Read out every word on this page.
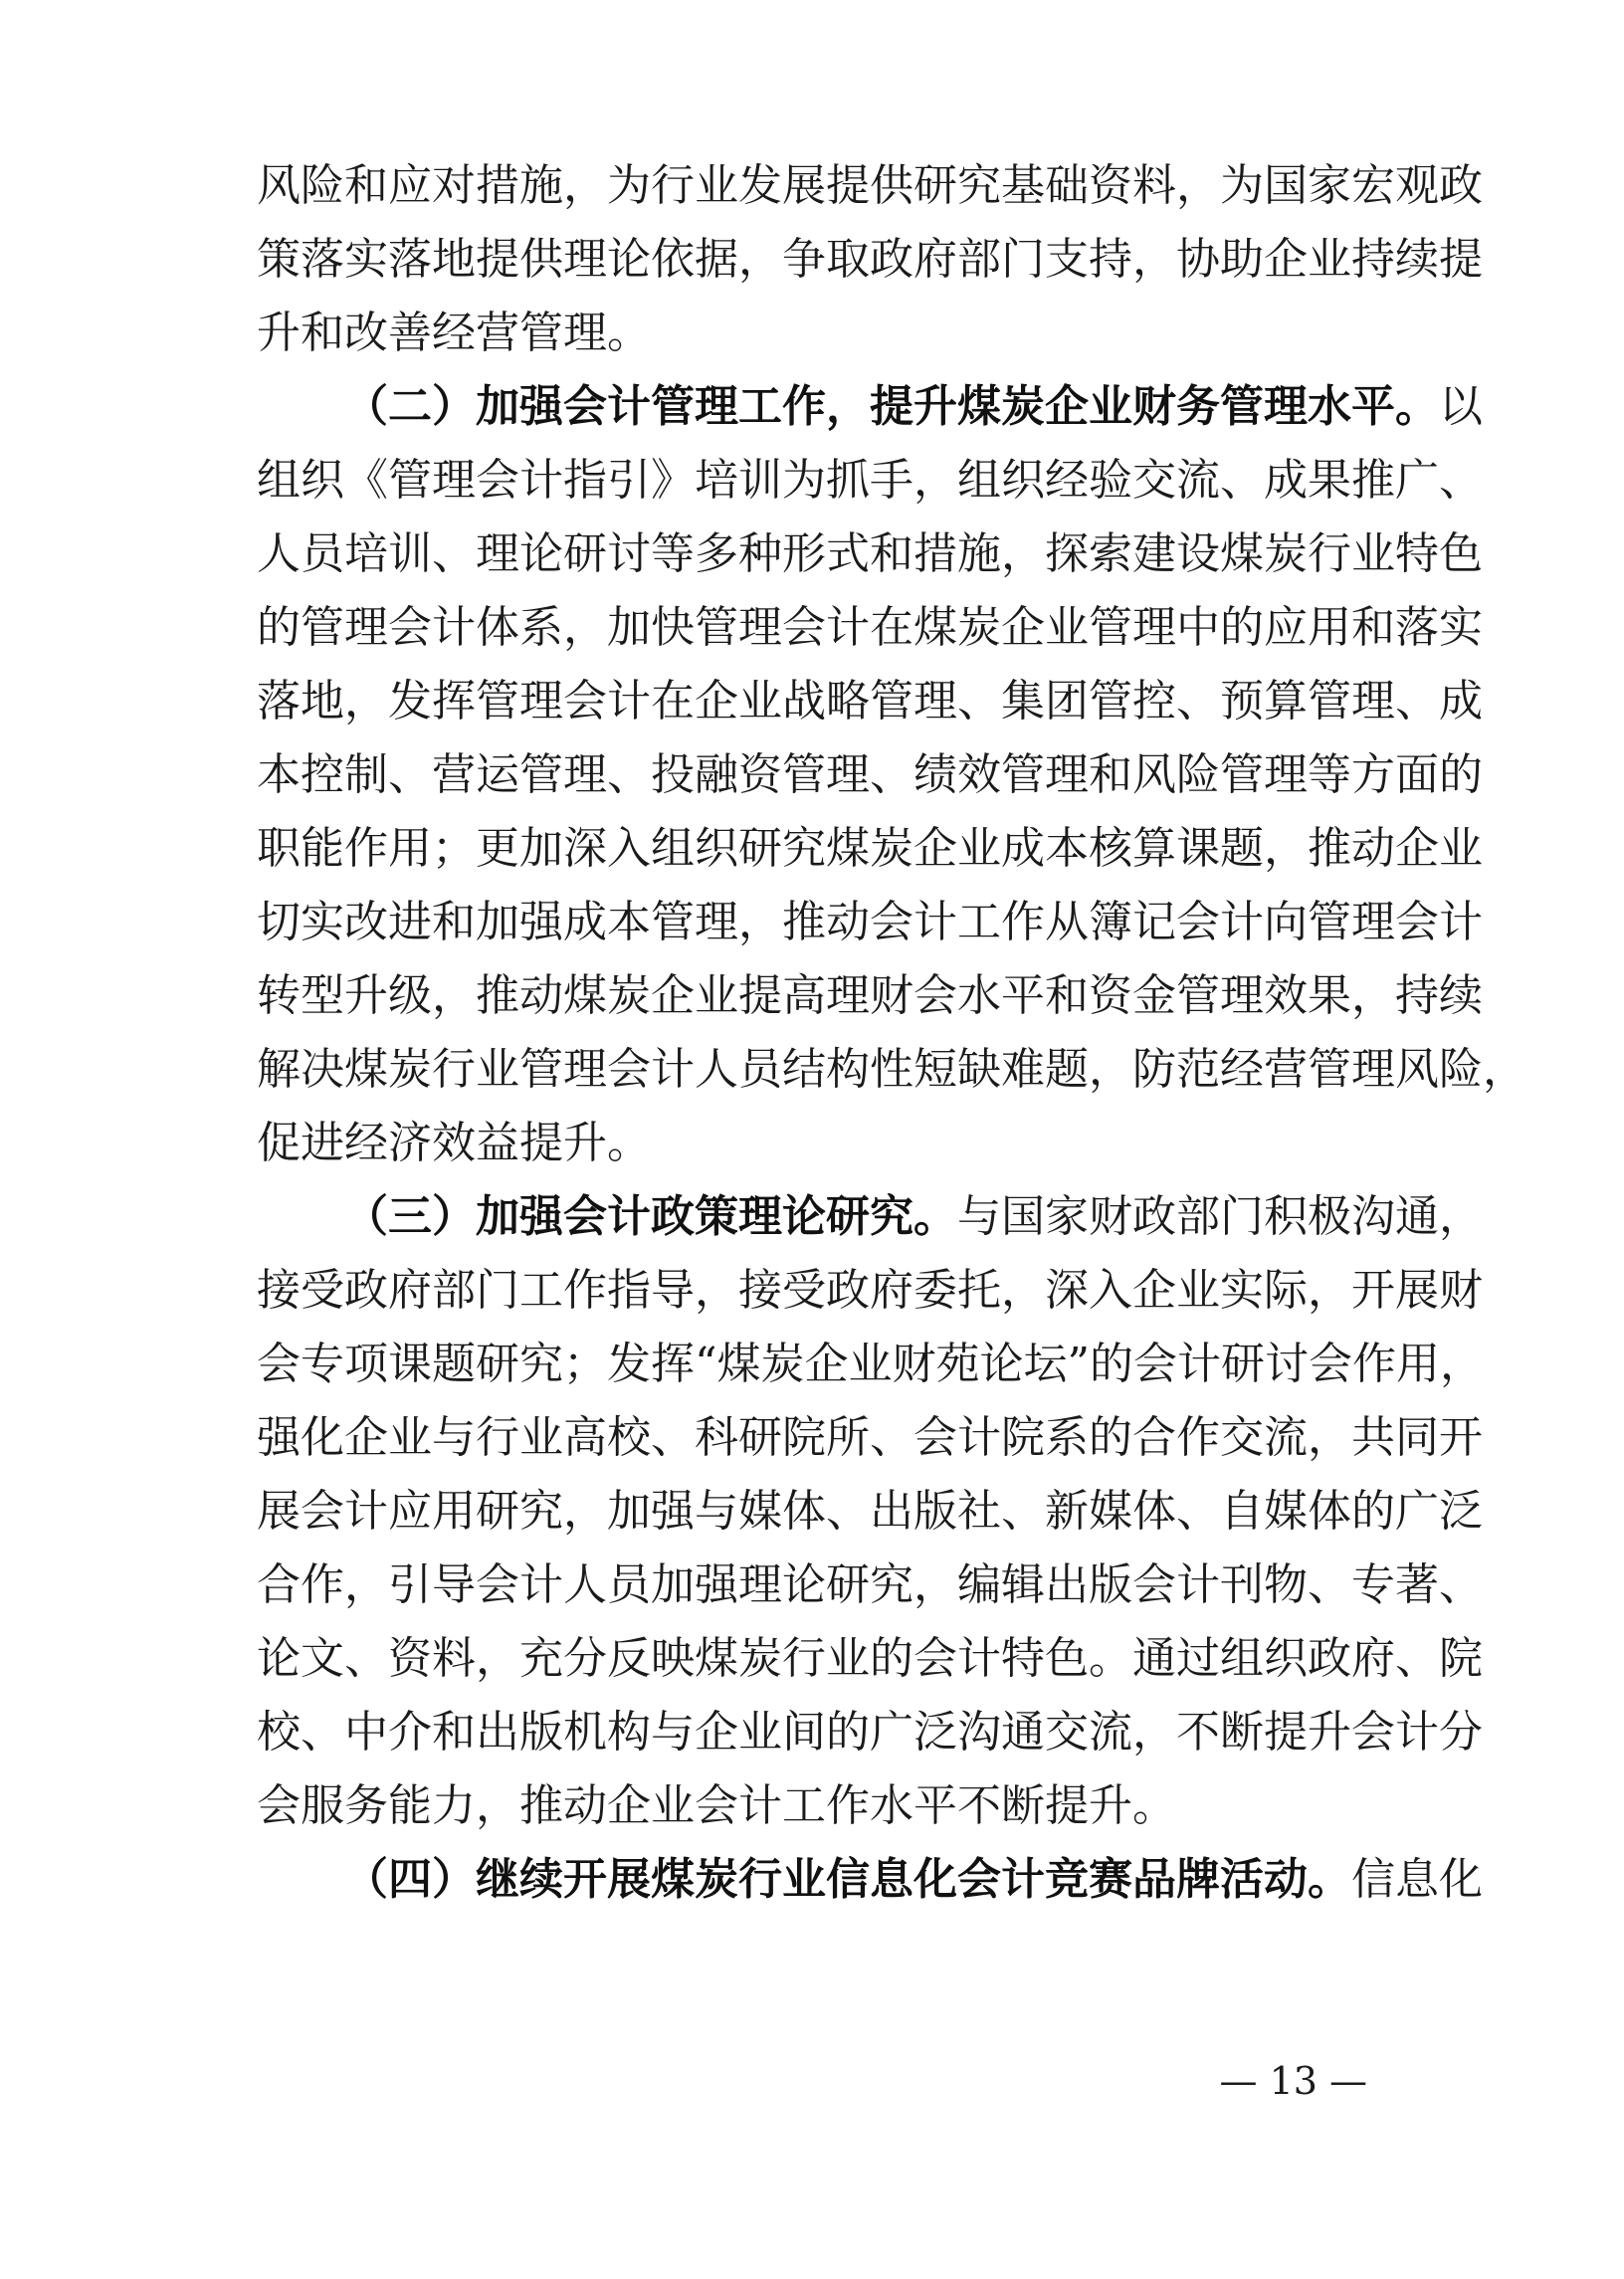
风险和应对措施，为行业发展提供研究基础资料，为国家宏观政
策落实落地提供理论依据，争取政府部门支持，协助企业持续提
升和改善经营管理。
（二）加强会计管理工作，提升煤炭企业财务管理水平。以
组织《管理会计指引》培训为抓手，组织经验交流、成果推广、
人员培训、理论研讨等多种形式和措施，探索建设煤炭行业特色
的管理会计体系，加快管理会计在煤炭企业管理中的应用和落实
落地，发挥管理会计在企业战略管理、集团管控、预算管理、成
本控制、营运管理、投融资管理、绩效管理和风险管理等方面的
职能作用；更加深入组织研究煤炭企业成本核算课题，推动企业
切实改进和加强成本管理，推动会计工作从簿记会计向管理会计
转型升级，推动煤炭企业提高理财会水平和资金管理效果，持续
解决煤炭行业管理会计人员结构性短缺难题，防范经营管理风险，
促进经济效益提升。
（三）加强会计政策理论研究。与国家财政部门积极沟通，
接受政府部门工作指导，接受政府委托，深入企业实际，开展财
会专项课题研究；发挥“煤炭企业财苑论坛”的会计研讨会作用，
强化企业与行业高校、科研院所、会计院系的合作交流，共同开
展会计应用研究，加强与媒体、出版社、新媒体、自媒体的广泛
合作，引导会计人员加强理论研究，编辑出版会计刊物、专著、
论文、资料，充分反映煤炭行业的会计特色。通过组织政府、院
校、中介和出版机构与企业间的广泛沟通交流，不断提升会计分
会服务能力，推动企业会计工作水平不断提升。
（四）继续开展煤炭行业信息化会计竞赛品牌活动。信息化
— 13 —
